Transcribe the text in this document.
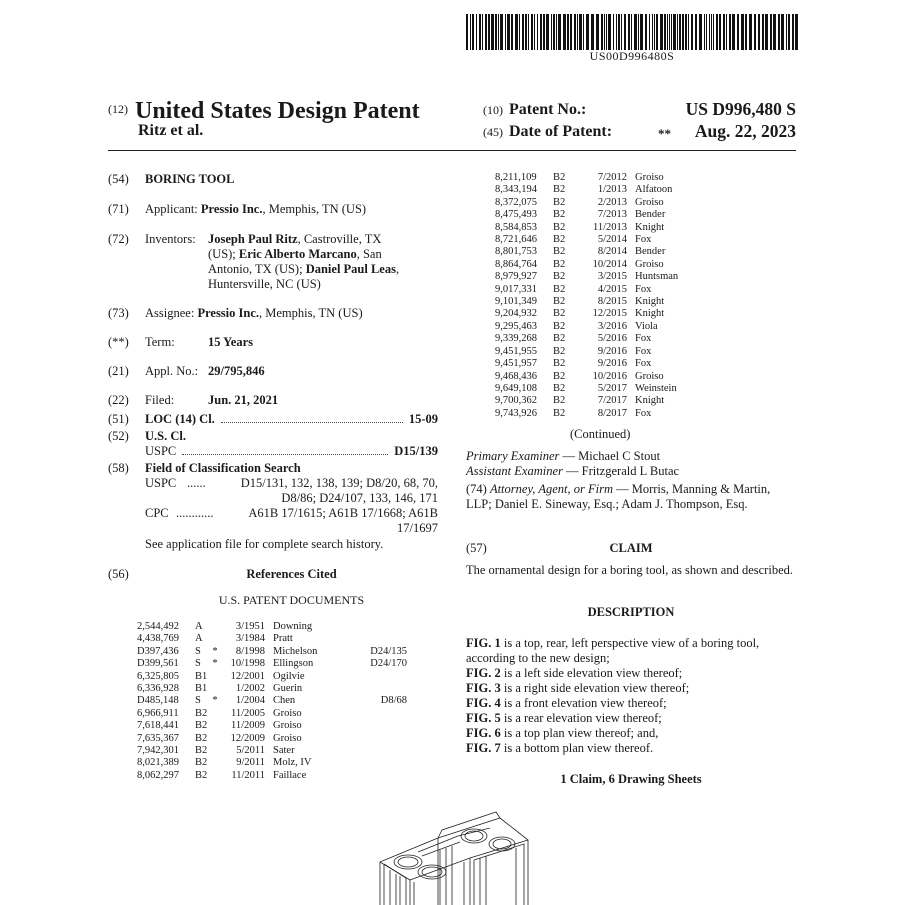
US00D996480S
$^{(12)}$ United States Design Patent
Ritz et al.
(10) Patent No.:	US D996,480 S
(45) Date of Patent:	** Aug. 22, 2023
(54) BORING TOOL
(71) Applicant: Pressio Inc., Memphis, TN (US)
(72) Inventors: Joseph Paul Ritz, Castroville, TX (US); Eric Alberto Marcano, San Antonio, TX (US); Daniel Paul Leas, Huntersville, NC (US)
(73) Assignee: Pressio Inc., Memphis, TN (US)
(**) Term:	15 Years
(21) Appl. No.: 29/795,846
(22) Filed:	Jun. 21, 2021
(51) LOC (14) Cl.	15-09
(52) U.S. Cl.
USPC	D15/139
(58) Field of Classification Search
USPC ......	D15/131, 132, 138, 139; D8/20, 68, 70, D8/86; D24/107, 133, 146, 171
CPC ............	A61B 17/1615; A61B 17/1668; A61B 17/1697
See application file for complete search history.
(56)	References Cited
U.S. PATENT DOCUMENTS
2,544,492	A		3/1951	Downing	
4,438,769	A		3/1984	Pratt	
D397,436	S	*	8/1998	Michelson	D24/135
D399,561	S	*	10/1998	Ellingson	D24/170
6,325,805	B1		12/2001	Ogilvie	
6,336,928	B1		1/2002	Guerin	
D485,148	S	*	1/2004	Chen	D8/68
6,966,911	B2		11/2005	Groiso	
7,618,441	B2		11/2009	Groiso	
7,635,367	B2		12/2009	Groiso	
7,942,301	B2		5/2011	Sater	
8,021,389	B2		9/2011	Molz, IV	
8,062,297	B2		11/2011	Faillace	
8,211,109	B2	7/2012	Groiso
8,343,194	B2	1/2013	Alfatoon
8,372,075	B2	2/2013	Groiso
8,475,493	B2	7/2013	Bender
8,584,853	B2	11/2013	Knight
8,721,646	B2	5/2014	Fox
8,801,753	B2	8/2014	Bender
8,864,764	B2	10/2014	Groiso
8,979,927	B2	3/2015	Huntsman
9,017,331	B2	4/2015	Fox
9,101,349	B2	8/2015	Knight
9,204,932	B2	12/2015	Knight
9,295,463	B2	3/2016	Viola
9,339,268	B2	5/2016	Fox
9,451,955	B2	9/2016	Fox
9,451,957	B2	9/2016	Fox
9,468,436	B2	10/2016	Groiso
9,649,108	B2	5/2017	Weinstein
9,700,362	B2	7/2017	Knight
9,743,926	B2	8/2017	Fox
(Continued)
Primary Examiner — Michael C Stout
Assistant Examiner — Fritzgerald L Butac
(74) Attorney, Agent, or Firm — Morris, Manning & Martin, LLP; Daniel E. Sineway, Esq.; Adam J. Thompson, Esq.
(57)	CLAIM
The ornamental design for a boring tool, as shown and described.
DESCRIPTION
FIG. 1 is a top, rear, left perspective view of a boring tool, according to the new design;
FIG. 2 is a left side elevation view thereof;
FIG. 3 is a right side elevation view thereof;
FIG. 4 is a front elevation view thereof;
FIG. 5 is a rear elevation view thereof;
FIG. 6 is a top plan view thereof; and,
FIG. 7 is a bottom plan view thereof.
1 Claim, 6 Drawing Sheets
